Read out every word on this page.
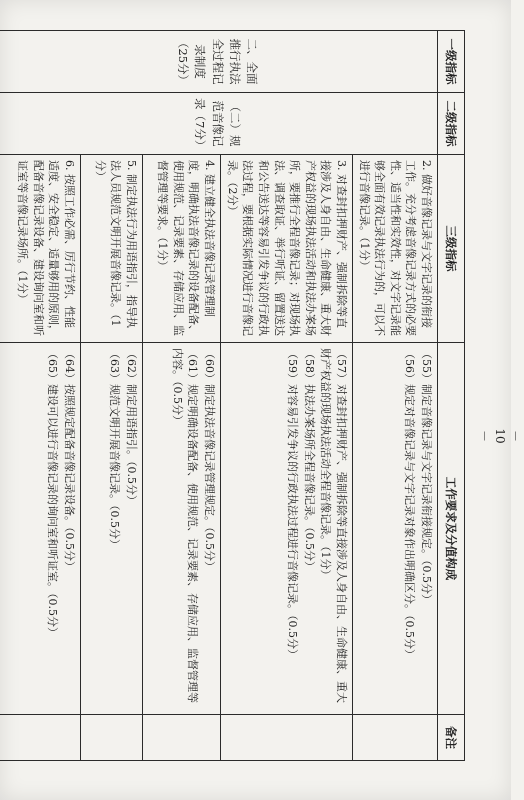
一级指标	二级指标	三级指标	工作要求及分值构成	备注
二、全面推行执法全过程记录制度（25分）	（二）规范音像记录（7分）	2. 做好音像记录与文字记录的衔接工作。充分考虑音像记录方式的必要性、适当性和实效性，对文字记录能够全面有效记录执法行为的，可以不进行音像记录。（1分）	（55）制定音像记录与文字记录衔接规定。（0.5分）
（56）规定对音像记录与文字记录对象作出明确区分。（0.5分）	

		3. 对查封扣押财产、强制拆除等直接涉及人身自由、生命健康、重大财产权益的现场执法活动和执法办案场所，要推行全程音像记录；对现场执法、调查取证、举行听证、留置送达和公告送达等容易引发争议的行政执法过程，要根据实际情况进行音像记录。（2分）	（57）对查封扣押财产、强制拆除等直接涉及人身自由、生命健康、重大财产权益的现场执法活动全程音像记录。（1分）
（58）执法办案场所全程音像记录。（0.5分）
（59）对容易引发争议的行政执法过程进行音像记录。（0.5分）	

		4. 建立健全执法音像记录管理制度，明确执法音像记录的设备配备、使用规范、记录要素、存储应用、监督管理等要求。（1分）	（60）制定执法音像记录管理规定。（0.5分）
（61）规定明确设备配备、使用规范、记录要素、存储应用、监督管理等内容。（0.5分）	

		5. 制定执法行为用语指引，指导执法人员规范文明开展音像记录。（1分）	（62）制定用语指引。（0.5分）
（63）规范文明开展音像记录。（0.5分）	

		6. 按照工作必需、厉行节约、性能适度、安全稳定、适量够用的原则，配备音像记录设备、建设询问室和听证室等音像记录场所。（1分）	（64）按照规定配备音像记录设备。（0.5分）
（65）建设可以进行音像记录的询问室和听证室。（0.5分）	
		－ 10 －
